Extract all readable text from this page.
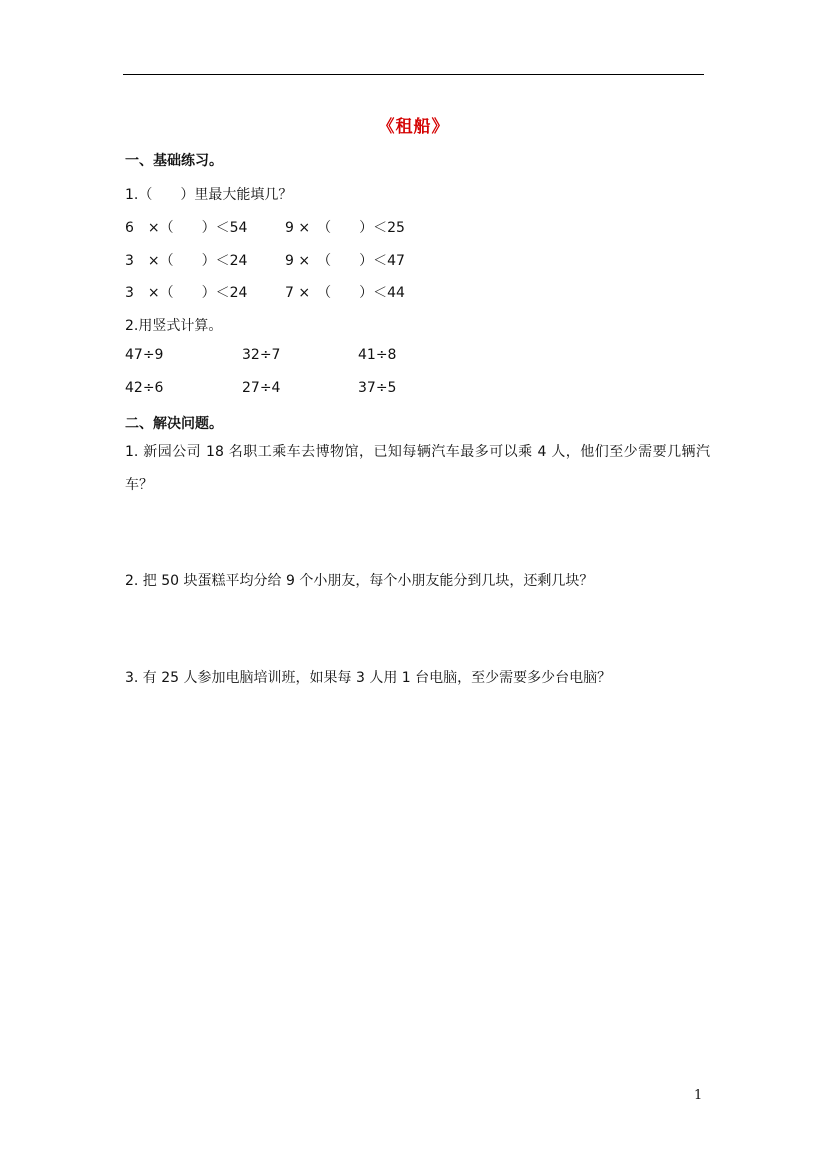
《租船》
一、基础练习。
1.（　　）里最大能填几？
6　×（　　）＜54	9 ×　（　　）＜25
3　×（　　）＜24	9 ×　（　　）＜47
3　×（　　）＜24	7 ×　（　　）＜44
2.用竖式计算。
47÷9	32÷7	41÷8
42÷6	27÷4	37÷5
二、解决问题。
1. 新园公司 18 名职工乘车去博物馆，已知每辆汽车最多可以乘 4 人，他们至少需要几辆汽车？
2. 把 50 块蛋糕平均分给 9 个小朋友，每个小朋友能分到几块，还剩几块？
3. 有 25 人参加电脑培训班，如果每 3 人用 1 台电脑，至少需要多少台电脑？
1
